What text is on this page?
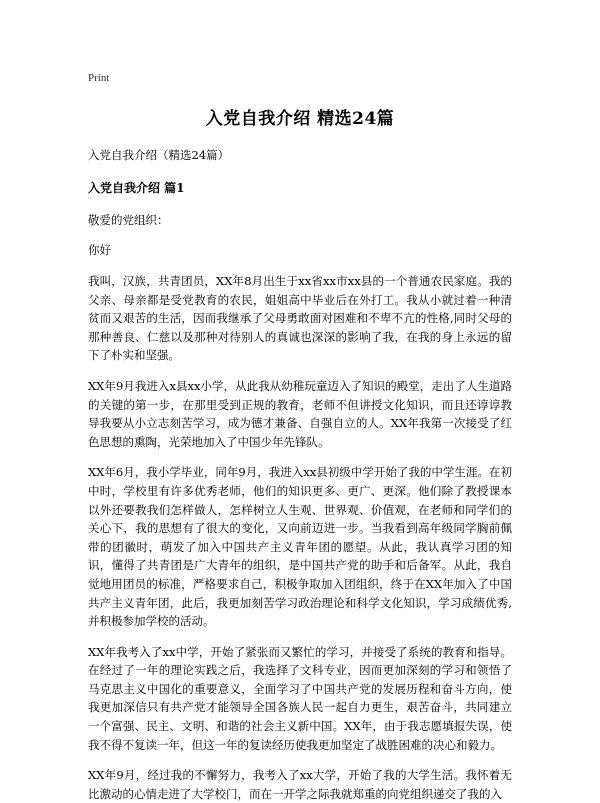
Print
入党自我介绍 精选24篇
入党自我介绍（精选24篇）
入党自我介绍 篇1
敬爱的党组织：
你好

我叫，汉族，共青团员，XX年8月出生于xx省xx市xx县的一个普通农民家庭。我的父亲、母亲都是受党教育的农民，姐姐高中毕业后在外打工。我从小就过着一种清贫而又艰苦的生活，因而我继承了父母勇敢面对困难和不卑不亢的性格,同时父母的那种善良、仁慈以及那种对待别人的真诚也深深的影响了我，在我的身上永远的留下了朴实和坚强。

XX年9月我进入x县xx小学，从此我从幼稚玩童迈入了知识的殿堂，走出了人生道路的关键的第一步，在那里受到正规的教育，老师不但讲授文化知识，而且还谆谆教导我要从小立志刻苦学习，成为德才兼备、自强自立的人。XX年我第一次接受了红色思想的熏陶，光荣地加入了中国少年先锋队。

XX年6月，我小学毕业，同年9月，我进入xx县初级中学开始了我的中学生涯。在初中时，学校里有许多优秀老师，他们的知识更多、更广、更深。他们除了教授课本以外还要教我们怎样做人，怎样树立人生观、世界观、价值观，在老师和同学们的关心下，我的思想有了很大的变化，又向前迈进一步。当我看到高年级同学胸前佩带的团徽时，萌发了加入中国共产主义青年团的愿望。从此，我认真学习团的知识，懂得了共青团是广大青年的组织，是中国共产党的助手和后备军。从此，我自觉地用团员的标准，严格要求自己，积极争取加入团组织，终于在XX年加入了中国共产主义青年团，此后，我更加刻苦学习政治理论和科学文化知识，学习成绩优秀,并积极参加学校的活动。

XX年我考入了xx中学，开始了紧张而又繁忙的学习，并接受了系统的教育和指导。在经过了一年的理论实践之后，我选择了文科专业，因而更加深刻的学习和领悟了马克思主义中国化的重要意义，全面学习了中国共产党的发展历程和奋斗方向，使我更加深信只有共产党才能领导全国各族人民一起自力更生，艰苦奋斗，共同建立一个富强、民主、文明、和谐的社会主义新中国。XX年，由于我志愿填报失误，使我不得不复读一年，但这一年的复读经历使我更加坚定了战胜困难的决心和毅力。

XX年9月，经过我的不懈努力，我考入了xx大学，开始了我的大学生活。我怀着无比激动的心情走进了大学校门，而在一开学之际我就郑重的向党组织递交了我的入
